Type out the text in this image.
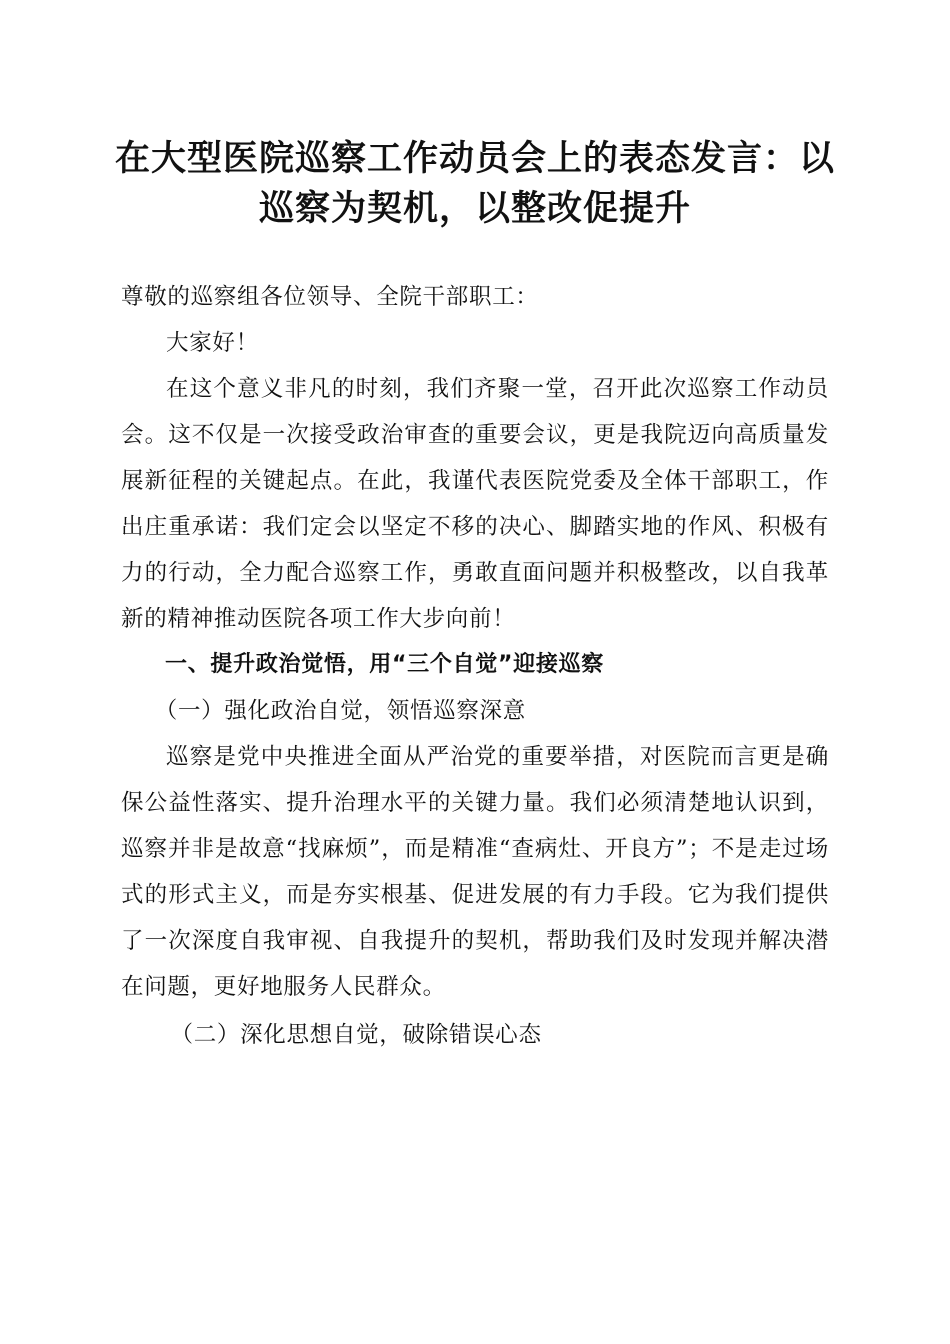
在大型医院巡察工作动员会上的表态发言：以
巡察为契机，以整改促提升

尊敬的巡察组各位领导、全院干部职工：

大家好！

在这个意义非凡的时刻，我们齐聚一堂，召开此次巡察工作动员会。这不仅是一次接受政治审查的重要会议，更是我院迈向高质量发展新征程的关键起点。在此，我谨代表医院党委及全体干部职工，作出庄重承诺：我们定会以坚定不移的决心、脚踏实地的作风、积极有力的行动，全力配合巡察工作，勇敢直面问题并积极整改，以自我革新的精神推动医院各项工作大步向前！

一、提升政治觉悟，用“三个自觉”迎接巡察

（一）强化政治自觉，领悟巡察深意

巡察是党中央推进全面从严治党的重要举措，对医院而言更是确保公益性落实、提升治理水平的关键力量。我们必须清楚地认识到，巡察并非是故意“找麻烦”，而是精准“查病灶、开良方”；不是走过场式的形式主义，而是夯实根基、促进发展的有力手段。它为我们提供了一次深度自我审视、自我提升的契机，帮助我们及时发现并解决潜在问题，更好地服务人民群众。

（二）深化思想自觉，破除错误心态
